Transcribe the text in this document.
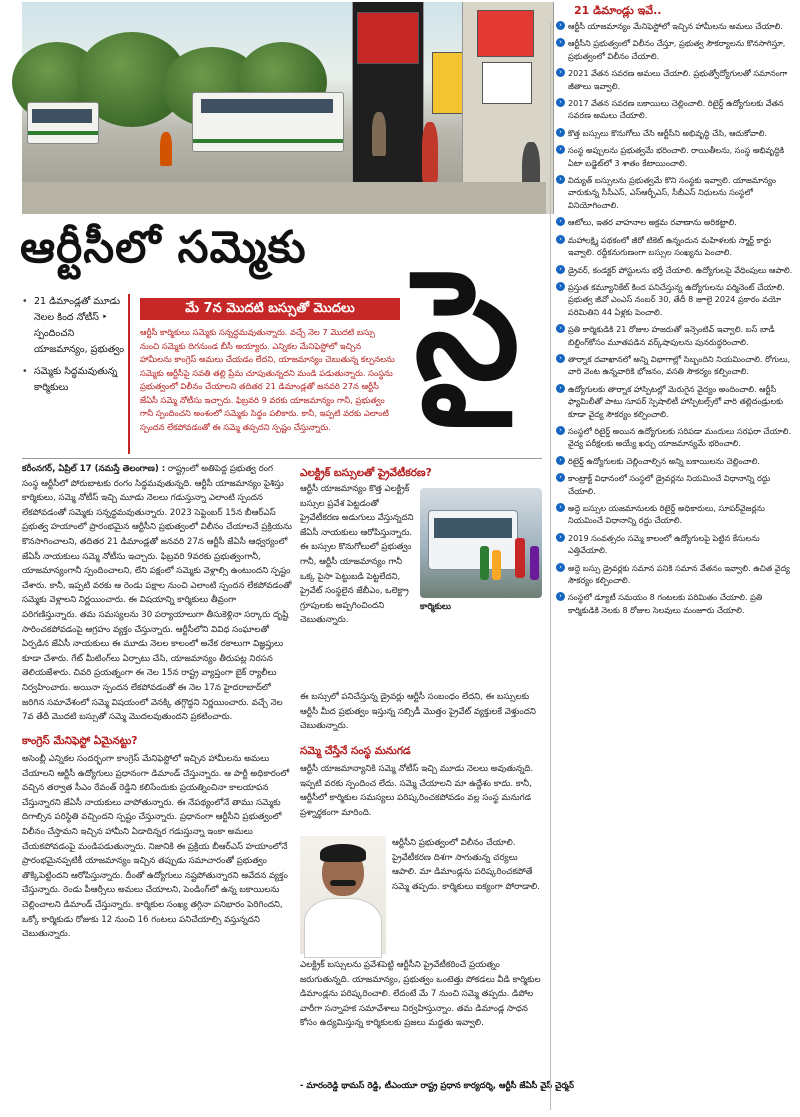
ఆర్టీసీలో సమ్మెకు సై
మే 7న మొదటి బస్సుతో మొదలు
• 21 డిమాండ్లతో మూడు నెలల కింద నోటీస్ ‣ స్పందించని యాజమాన్యం, ప్రభుత్వం
• సమ్మెకు సిద్ధమవుతున్న కార్మికులు
ఆర్టీసీ కార్మికులు సమ్మెకు సన్నద్ధమవుతున్నారు. వచ్చే నెల 7 మొదటి బస్సు నుంచి సమ్మెకు దిగనుండ బీసీ అయ్యారు. ఎన్నికల మేనిఫెస్టోలో ఇచ్చిన హామీలను కాంగ్రెస్ అమలు చేయడం లేదని, యాజమాన్యం చెబుతున్న కల్పనలను సమ్మెకు ఆర్టీసీపై సవతి తల్లి ప్రేమ చూపుతున్నదని మండి పడుతున్నారు. సంస్థను ప్రభుత్వంలో విలీనం చేయాలని తదితర 21 డిమాండ్లతో జనవరి 27న ఆర్టీసీ జేఏసీ సమ్మె నోటీసు ఇచ్చారు. ఫిబ్రవరి 9 వరకు యాజమాన్యం గానీ, ప్రభుత్వం గానీ స్పందించని అంశంలో సమ్మెకు సిద్ధం పలికారు. కానీ, ఇప్పటి వరకు ఎలాంటి స్పందన లేకపోవడంతో ఈ సమ్మె తప్పదని స్పష్టం చేస్తున్నారు.
కరీంనగర్, ఏప్రిల్ 17 (నమస్తే తెలంగాణ) : రాష్ట్రంలో అతిపెద్ద ప్రభుత్వ రంగ సంస్థ ఆర్టీసీలో పోరుబాటకు రంగం సిద్ధమవుతున్నది. ఆర్టీసీ యాజమాన్యం పైశిస్తు కార్మికులు, సమ్మె నోటీస్ ఇచ్చి మూడు నెలలు గడుస్తున్నా ఎలాంటి స్పందన లేకపోవడంతో సమ్మెకు సన్నద్ధమవుతున్నారు. 2023 సెప్టెంబర్ 15న బీఆర్ఎస్ ప్రభుత్వ హయాంలో ప్రారంభమైన ఆర్టీసీని ప్రభుత్వంలో విలీనం చేయాలనే ప్రక్రియను కొనసాగించాలని, తదితర 21 డిమాండ్లతో జనవరి 27న ఆర్టీసీ జేఏసీ ఆధ్వర్యంలో జేఏసీ నాయకులు సమ్మె నోటీసు ఇచ్చారు. ఫిబ్రవరి 9వరకు ప్రభుత్వంగానీ, యాజమాన్యంగానీ స్పందించాలని, లేని పక్షంలో సమ్మెకు వెళ్లాల్సి ఉంటుందని స్పష్టం చేశారు. కానీ, ఇప్పటి వరకు ఆ రెండు పక్షాల నుంచి ఎలాంటి స్పందన లేకపోవడంతో సమ్మెకు వెళ్లాలని నిర్ణయించారు. ఈ విషయాన్ని కార్మికులు తీవ్రంగా పరిగణిస్తున్నారు. తమ సమస్యలను 30 పర్యాయాలుగా తీసుకెళ్లినా సర్కారు దృష్టి సారించకపోవడంపై ఆగ్రహం వ్యక్తం చేస్తున్నారు. ఆర్టీసీలోని వివిధ సంఘాలతో ఏర్పడిన జేఏసీ నాయకులు ఈ మూడు నెలల కాలంలో అనేక రకాలుగా విజ్ఞప్తులు కూడా చేశారు. గేట్ మీటింగ్‌లు ఏర్పాటు చేసి, యాజమాన్యం తీరుపట్ల నిరసన తెలియజేశారు. చివరి ప్రయత్నంగా ఈ నెల 15న రాష్ట్ర వ్యాప్తంగా బైక్ ర్యాలీలు నిర్వహించారు. అయినా స్పందన లేకపోవడంతో ఈ నెల 17న హైదరాబాద్‌లో జరిగిన సమావేశంలో సమ్మె విషయంలో వెనక్కి తగ్గొద్దని నిర్ణయించారు. వచ్చే నెల 7వ తేదీ మొదటి బస్సుతో సమ్మె మొదలవుతుందని ప్రకటించారు.
ఎలక్ట్రిక్ బస్సులతో ప్రైవేటీకరణ?
ఆర్టీసీ యాజమాన్యం కొత్త ఎలక్ట్రిక్ బస్సుల ప్రవేశ పెట్టడంతో ప్రైవేటీకరణ అడుగులు వేస్తున్నదని జేఏసీ నాయకులు ఆరోపిస్తున్నారు. ఈ బస్సుల కొనుగోలులో ప్రభుత్వం గానీ, ఆర్టీసీ యాజమాన్యం గానీ ఒక్క పైసా పెట్టుబడి పెట్టలేదని, ప్రైవేట్ సంస్థలైన జేబీఎం, ఒలెక్ట్రా గ్రూపులకు అప్పగించిందని చెబుతున్నారు.
కార్మికులు
ఈ బస్సులో పనిచేస్తున్న డ్రైవర్లు ఆర్టీసీ సంబంధం లేదని, ఈ బస్సులకు ఆర్టీసీ మీద ప్రభుత్వం ఇస్తున్న సబ్సిడీ మొత్తం ప్రైవేట్ వ్యక్తులకే వెళ్తుందని చెబుతున్నారు.
కాంగ్రెస్ మేనిఫెస్టో ఏమైనట్టు?
అసెంబ్లీ ఎన్నికల సందర్భంగా కాంగ్రెస్ మేనిఫెస్టోలో ఇచ్చిన హామీలను అమలు చేయాలని ఆర్టీసీ ఉద్యోగులు ప్రధానంగా డిమాండ్ చేస్తున్నారు. ఆ పార్టీ అధికారంలో వచ్చిన తర్వాత సీఎం రేవంత్ రెడ్డిని కలిసేందుకు ప్రయత్నించినా కాలయాపన చేస్తున్నారని జేఏసీ నాయకులు వాపోతున్నారు. ఈ నేపథ్యంలోనే తాము సమ్మెకు దిగాల్సిన పరిస్థితి వచ్చిందని స్పష్టం చేస్తున్నారు. ప్రధానంగా ఆర్టీసీని ప్రభుత్వంలో విలీనం చేస్తామని ఇచ్చిన హామీని ఏడాదిన్నర గడుస్తున్నా ఇంకా అమలు చేయకపోవడంపై మండిపడుతున్నారు. నిజానికి ఈ ప్రక్రియ బీఆర్ఎస్ హయాంలోనే ప్రారంభమైనప్పటికీ యాజమాన్యం ఇచ్చిన తప్పుడు సమాచారంతో ప్రభుత్వం తొక్కిపెట్టిందని ఆరోపిస్తున్నారు. దీంతో ఉద్యోగులు నష్టపోతున్నారని ఆవేదన వ్యక్తం చేస్తున్నారు. రెండు పీఆర్సీలు అమలు చేయాలని, పెండింగ్‌లో ఉన్న బకాయిలను చెల్లించాలని డిమాండ్ చేస్తున్నారు. కార్మికుల సంఖ్య తగ్గినా పనిభారం పెరిగిందని, ఒక్కో కార్మికుడు రోజుకు 12 నుంచి 16 గంటలు పనిచేయాల్సి వస్తున్నదని చెబుతున్నారు.
సమ్మె చేస్తేనే సంస్థ మనుగడ
ఆర్టీసీ యాజమాన్యానికి సమ్మె నోటీస్ ఇచ్చి మూడు నెలలు అవుతున్నది. ఇప్పటి వరకు స్పందించ లేదు. సమ్మె చేయాలని మా ఉద్దేశం కాదు. కానీ, ఆర్టీసీలో కార్మికుల సమస్యలు పరిష్కరించకపోవడం వల్ల సంస్థ మనుగడ ప్రశ్నార్థకంగా మారింది.
ఆర్టీసీని ప్రభుత్వంలో విలీనం చేయాలి. ప్రైవేటీకరణ దిశగా సాగుతున్న చర్యలు ఆపాలి. మా డిమాండ్లను పరిష్కరించకపోతే సమ్మె తప్పదు. కార్మికులు ఐక్యంగా పోరాడాలి.
ఎలక్ట్రిక్ బస్సులను ప్రవేశపెట్టి ఆర్టీసీని ప్రైవేటీకరించే ప్రయత్నం జరుగుతున్నది. యాజమాన్యం, ప్రభుత్వం ఒంటెత్తు పోకడలు వీడి కార్మికుల డిమాండ్లను పరిష్కరించాలి. లేదంటే మే 7 నుంచి సమ్మె తప్పదు. డిపోల వారీగా సన్నాహక సమావేశాలు నిర్వహిస్తున్నాం. తమ డిమాండ్ల సాధన కోసం ఉద్యమిస్తున్న కార్మికులకు ప్రజలు మద్దతు ఇవ్వాలి.
- మారంరెడ్డి థామస్ రెడ్డి, టీఎంయూ రాష్ట్ర ప్రధాన కార్యదర్శి, ఆర్టీసీ జేఏసీ వైస్ చైర్మన్
21 డిమాండ్లు ఇవే..
› ఆర్టీసీ యాజమాన్యం మేనిఫెస్టోలో ఇచ్చిన హామీలను అమలు చేయాలి.
› ఆర్టీసీని ప్రభుత్వంలో విలీనం చేస్తూ, ప్రభుత్వ సౌకర్యాలను కొనసాగిస్తూ, ప్రభుత్వంలో విలీనం చేయాలి.
› 2021 వేతన సవరణ అమలు చేయాలి. ప్రభుత్వోద్యోగులతో సమానంగా జీతాలు ఇవ్వాలి.
› 2017 వేతన సవరణ బకాయిలు చెల్లించాలి. రిటైర్డ్ ఉద్యోగులకు వేతన సవరణ అమలు చేయాలి.
› కొత్త బస్సులు కొనుగోలు చేసి ఆర్టీసీని అభివృద్ధి చేసి, ఆదుకోవాలి.
› సంస్థ అప్పులను ప్రభుత్వమే భరించాలి. రాయితీలను, సంస్థ అభివృద్ధికి ఏటా బడ్జెట్‌లో 3 శాతం కేటాయించాలి.
› విద్యుత్ బస్సులను ప్రభుత్వమే కొని సంస్థకు ఇవ్వాలి. యాజమాన్యం వారుకున్న సీసీఎస్, ఎస్ఆర్బీఎస్, సీబీఎస్ నిధులను సంస్థలో వినియోగించాలి.
› ఆటోలు, ఇతర వాహనాల అక్రమ రవాణాను అరికట్టాలి.
› మహాలక్ష్మి పథకంలో జీరో టికెట్ ఉన్నందున మహిళలకు స్మార్ట్ కార్డు ఇవ్వాలి. రద్దీకనుగుణంగా బస్సుల సంఖ్యను పెంచాలి.
› డ్రైవర్, కండక్టర్ పోస్టులను భర్తీ చేయాలి. ఉద్యోగులపై వేధింపులు ఆపాలి.
› ప్రస్తుత కమ్యూనికేట్ కింద పనిచేస్తున్న ఉద్యోగులను పర్మినెంట్ చేయాలి. ప్రభుత్వ జీవో ఎంఎస్ నంబర్ 30, తేదీ 8 జూలై 2024 ప్రకారం వయో పరిమితిని 44 ఏళ్లకు పెంచాలి.
› ప్రతి కార్మికుడికి 21 రోజుల హజరుతో ఇన్సెంటివ్ ఇవ్వాలి. బస్ బాడీ బిల్డింగ్‌కోసం మూతపడిన వర్క్‌షాపులను పునరుద్ధరించాలి.
› తార్నాక దవాఖానలో అన్ని విభాగాల్లో సిబ్బందిని నియమించాలి. రోగులు, వారి వెంట ఉన్నవారికి భోజనం, వసతి సౌకర్యం కల్పించాలి.
› ఉద్యోగులకు తార్నాక హాస్పిటల్లో మెరుగైన వైద్యం అందించాలి. ఆర్టీసీ ఫ్యామిలీతో పాటు సూపర్ స్పెషాలిటీ హాస్పిటల్స్‌లో వారి తల్లిదండ్రులకు కూడా వైద్య సౌకర్యం కల్పించాలి.
› సంస్థలో రిటైర్డ్ అయిన ఉద్యోగులకు సరిపడా మందులు సరఫరా చేయాలి. వైద్య పరీక్షలకు అయ్యే ఖర్చు యాజమాన్యమే భరించాలి.
› రిటైర్డ్ ఉద్యోగులకు చెల్లించాల్సిన అన్ని బకాయిలను చెల్లించాలి.
› కాంట్రాక్ట్ విధానంలో సంస్థలో డ్రైవర్లను నియమించే విధానాన్ని రద్దు చేయాలి.
› అద్దె బస్సుల యజమానులకు రిటైర్డ్ అధికారులు, సూపర్‌వైజర్లను నియమించే విధానాన్ని రద్దు చేయాలి.
› 2019 సంవత్సరం సమ్మె కాలంలో ఉద్యోగులపై పెట్టిన కేసులను ఎత్తివేయాలి.
› అద్దె బస్సు డ్రైవర్లకు సమాన పనికి సమాన వేతనం ఇవ్వాలి. ఉచిత వైద్య సౌకర్యం కల్పించాలి.
› సంస్థలో డ్యూటీ సమయం 8 గంటలకు పరిమితం చేయాలి. ప్రతి కార్మికుడికి నెలకు 8 రోజుల సెలవులు మంజూరు చేయాలి.
